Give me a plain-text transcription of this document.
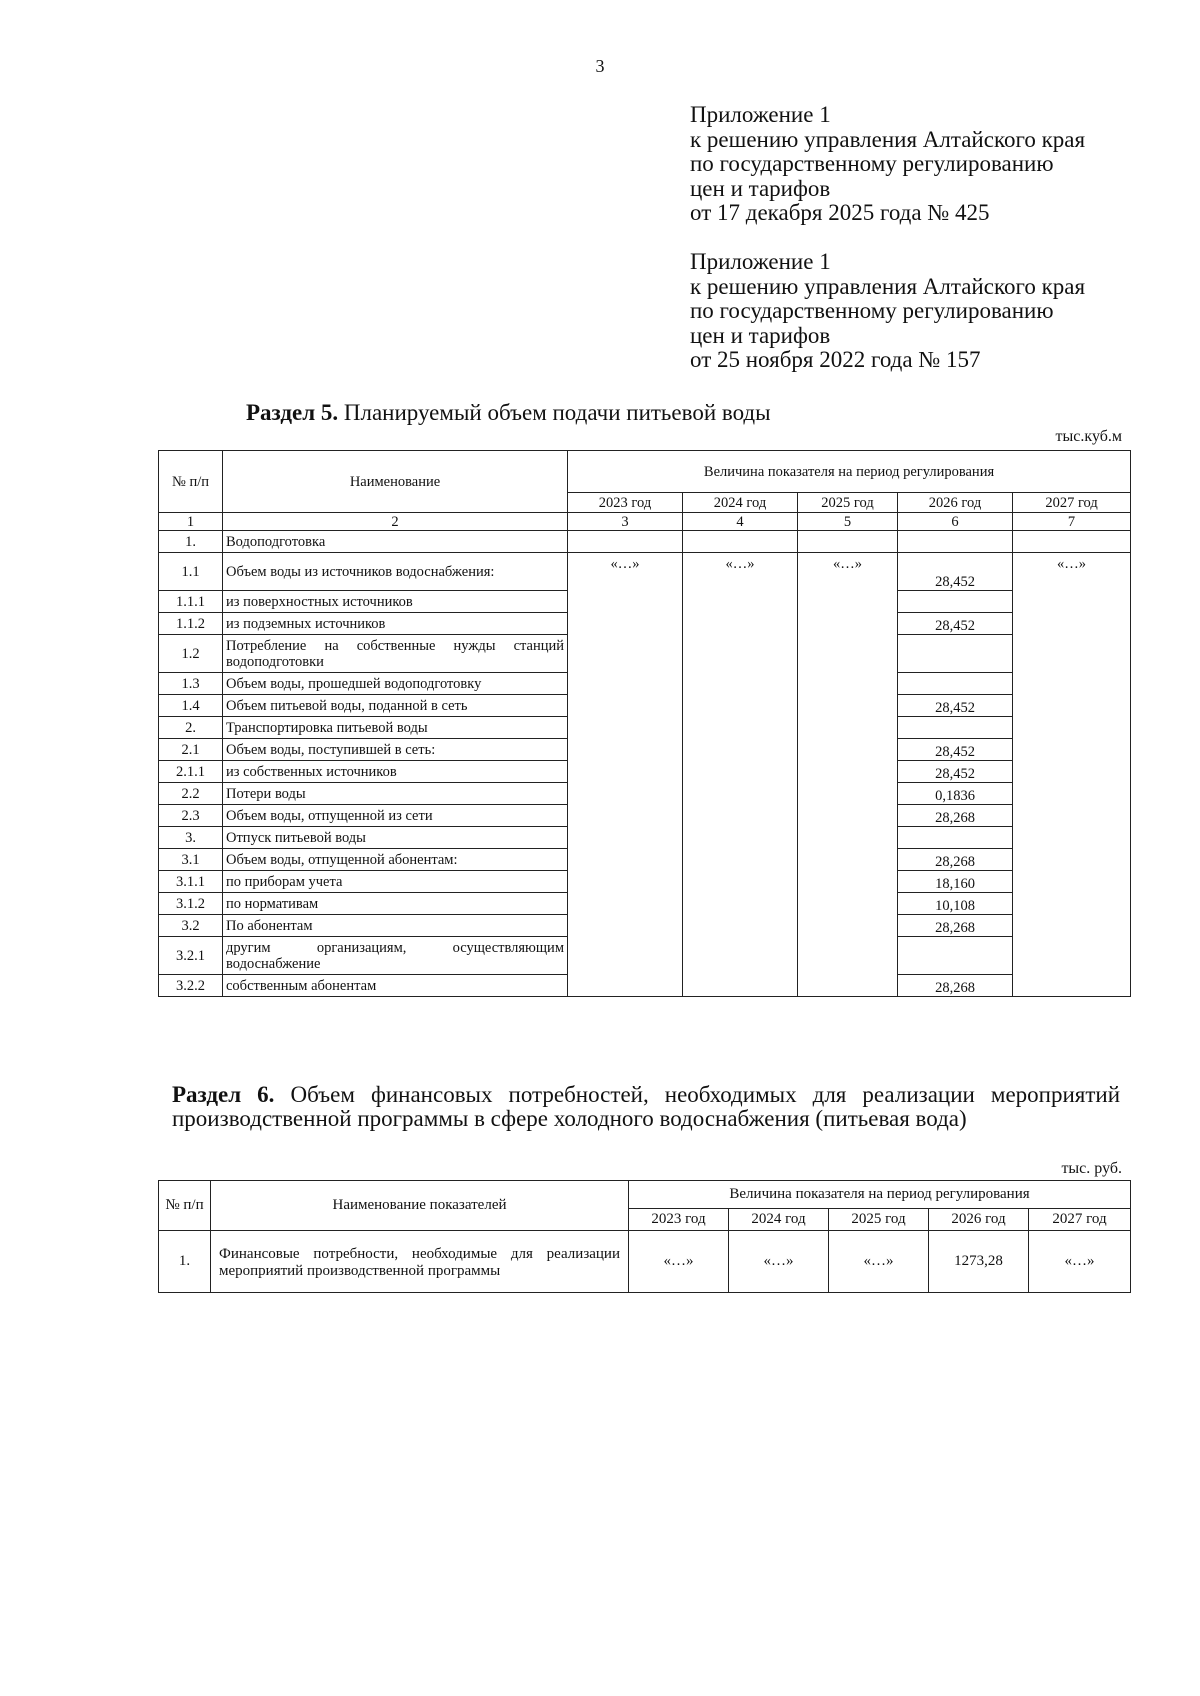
3
Приложение 1
к решению управления Алтайского края
по государственному регулированию
цен и тарифов
от 17 декабря 2025 года № 425
Приложение 1
к решению управления Алтайского края
по государственному регулированию
цен и тарифов
от 25 ноября 2022 года № 157
Раздел 5. Планируемый объем подачи питьевой воды
тыс.куб.м
№ п/п	Наименование	Величина показателя на период регулирования				
		2023 год	2024 год	2025 год	2026 год	2027 год
1	2	3	4	5	6	7
1.	Водоподготовка					
1.1	Объем воды из источников водоснабжения:	«…»	«…»	«…»	28,452	«…»
1.1.1	из поверхностных источников					
1.1.2	из подземных источников				28,452	
1.2	Потребление на собственные нужды станций водоподготовки					
1.3	Объем воды, прошедшей водоподготовку					
1.4	Объем питьевой воды, поданной в сеть				28,452	
2.	Транспортировка питьевой воды					
2.1	Объем воды, поступившей в сеть:				28,452	
2.1.1	из собственных источников				28,452	
2.2	Потери воды				0,1836	
2.3	Объем воды, отпущенной из сети				28,268	
3.	Отпуск питьевой воды					
3.1	Объем воды, отпущенной абонентам:				28,268	
3.1.1	по приборам учета				18,160	
3.1.2	по нормативам				10,108	
3.2	По абонентам				28,268	
3.2.1	другим организациям, осуществляющим водоснабжение					
3.2.2	собственным абонентам				28,268	
Раздел 6. Объем финансовых потребностей, необходимых для реализации мероприятий производственной программы в сфере холодного водоснабжения (питьевая вода)
тыс. руб.
№ п/п	Наименование показателей	Величина показателя на период регулирования				
		2023 год	2024 год	2025 год	2026 год	2027 год
1.	Финансовые потребности, необходимые для реализации мероприятий производственной программы	«…»	«…»	«…»	1273,28	«…»
